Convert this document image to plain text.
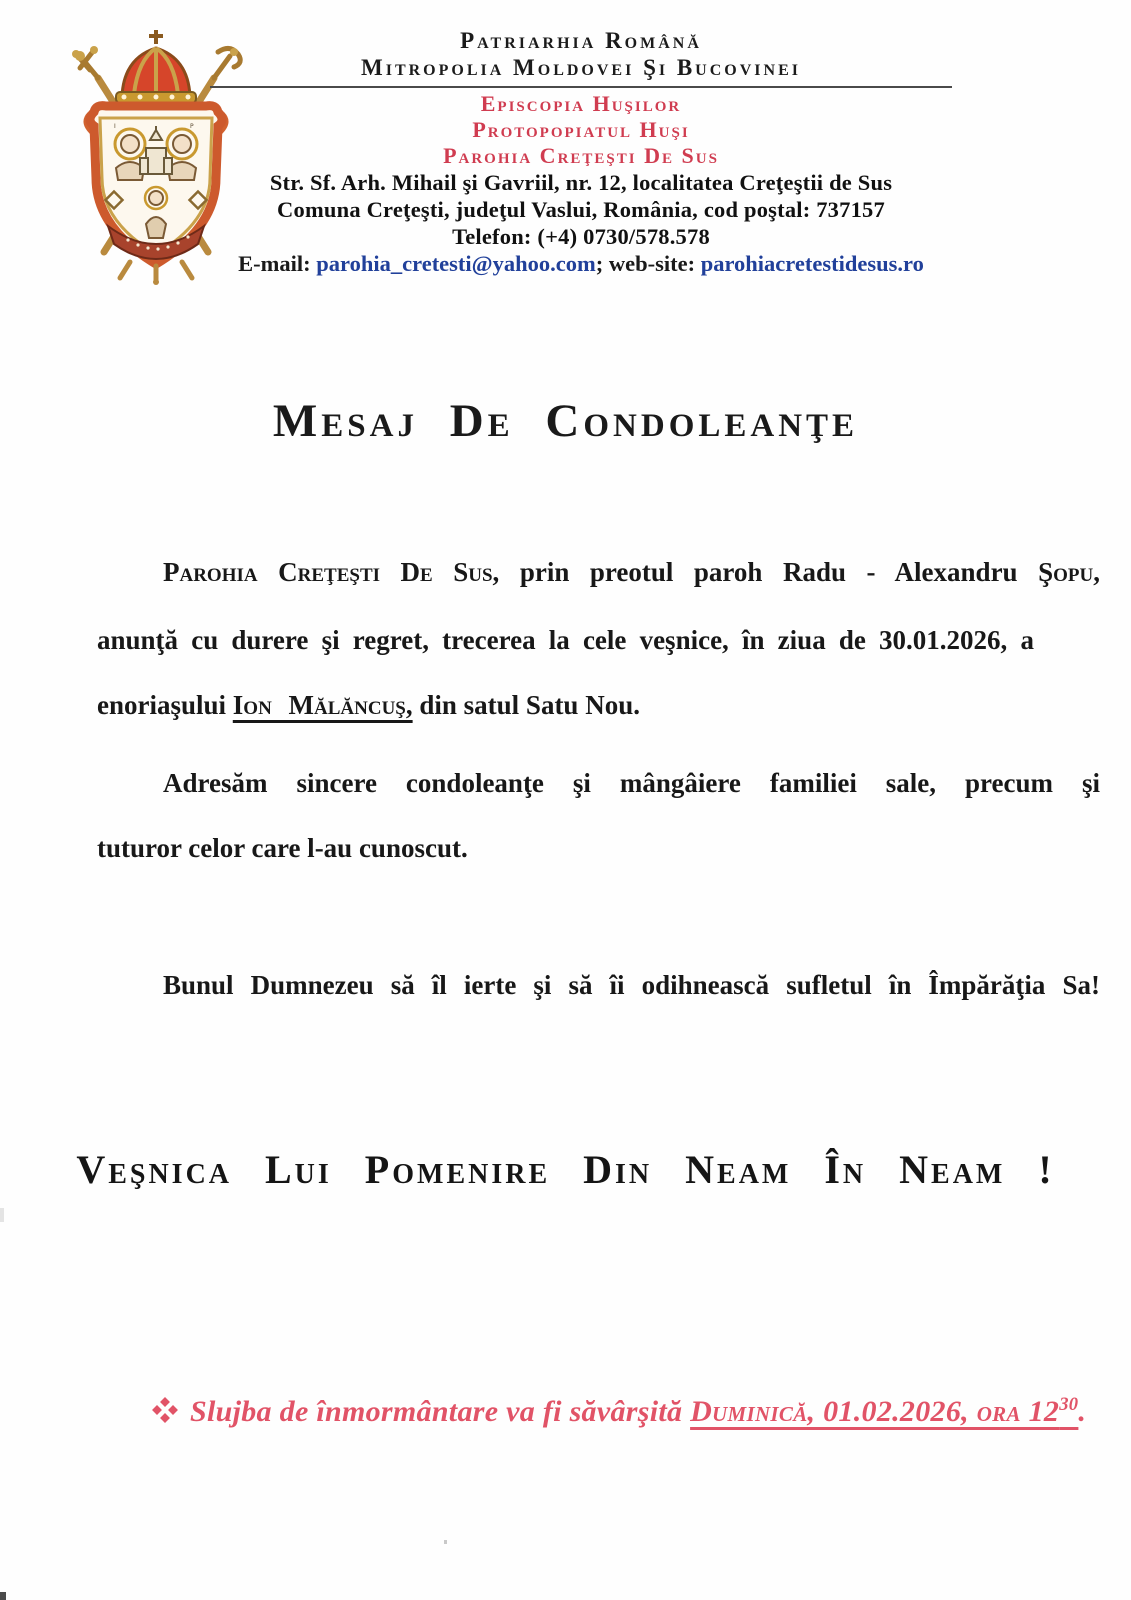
I	P
Patriarhia Română
Mitropolia Moldovei Şi Bucovinei
Episcopia Huşilor
Protopopiatul Huşi
Parohia Creţeşti De Sus
Str. Sf. Arh. Mihail şi Gavriil, nr. 12, localitatea Creţeştii de Sus
Comuna Creţeşti, judeţul Vaslui, România, cod poştal: 737157
Telefon: (+4) 0730/578.578
E-mail: parohia_cretesti@yahoo.com; web-site: parohiacretestidesus.ro
Mesaj De Condoleanţe
Parohia Creţeşti De Sus, prin preotul paroh Radu - Alexandru Şopu,
anunţă cu durere şi regret, trecerea la cele veşnice, în ziua de 30.01.2026, a
enoriaşului Ion Mălăncuş, din satul Satu Nou.
Adresăm sincere condoleanţe şi mângâiere familiei sale, precum şi
tuturor celor care l-au cunoscut.
Bunul Dumnezeu să îl ierte şi să îi odihnească sufletul în Împărăţia Sa!
Veşnica Lui Pomenire Din Neam În Neam !
Slujba de înmormântare va fi săvârşită Duminică, 01.02.2026, ora $12^{30}$.
